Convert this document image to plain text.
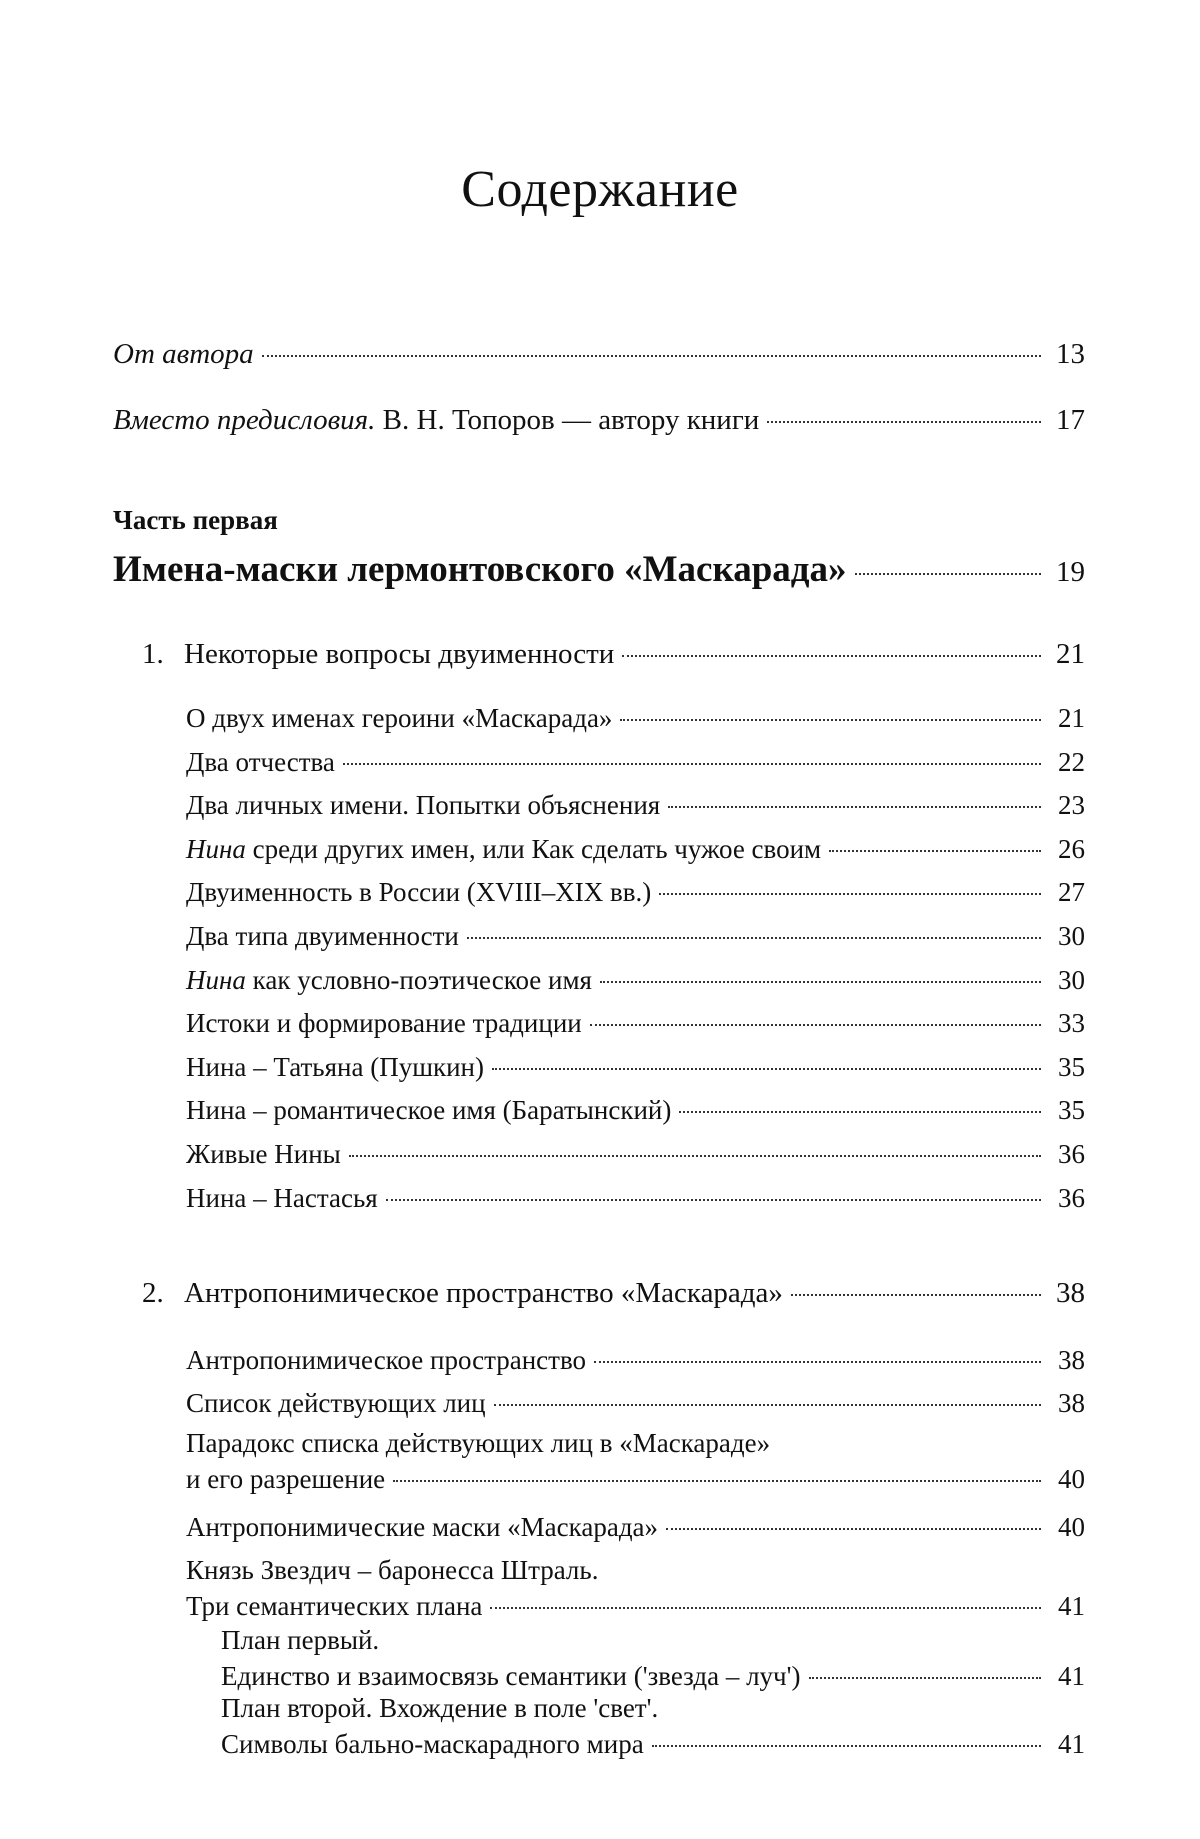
Содержание
От автора	13
Вместо предисловия. В. Н. Топоров — автору книги	17
Часть первая
Имена-маски лермонтовского «Маскарада»	19
1. Некоторые вопросы двуименности	21
О двух именах героини «Маскарада»	21
Два отчества	22
Два личных имени. Попытки объяснения	23
Нина среди других имен, или Как сделать чужое своим	26
Двуименность в России (XVIII–XIX вв.)	27
Два типа двуименности	30
Нина как условно-поэтическое имя	30
Истоки и формирование традиции	33
Нина – Татьяна (Пушкин)	35
Нина – романтическое имя (Баратынский)	35
Живые Нины	36
Нина – Настасья	36
2. Антропонимическое пространство «Маскарада»	38
Антропонимическое пространство	38
Список действующих лиц	38
Парадокс списка действующих лиц в «Маскараде»
и его разрешение	40
Антропонимические маски «Маскарада»	40
Князь Звездич – баронесса Штраль.
Три семантических плана	41
План первый.
Единство и взаимосвязь семантики ('звезда – луч')	41
План второй. Вхождение в поле 'свет'.
Символы бально-маскарадного мира	41
